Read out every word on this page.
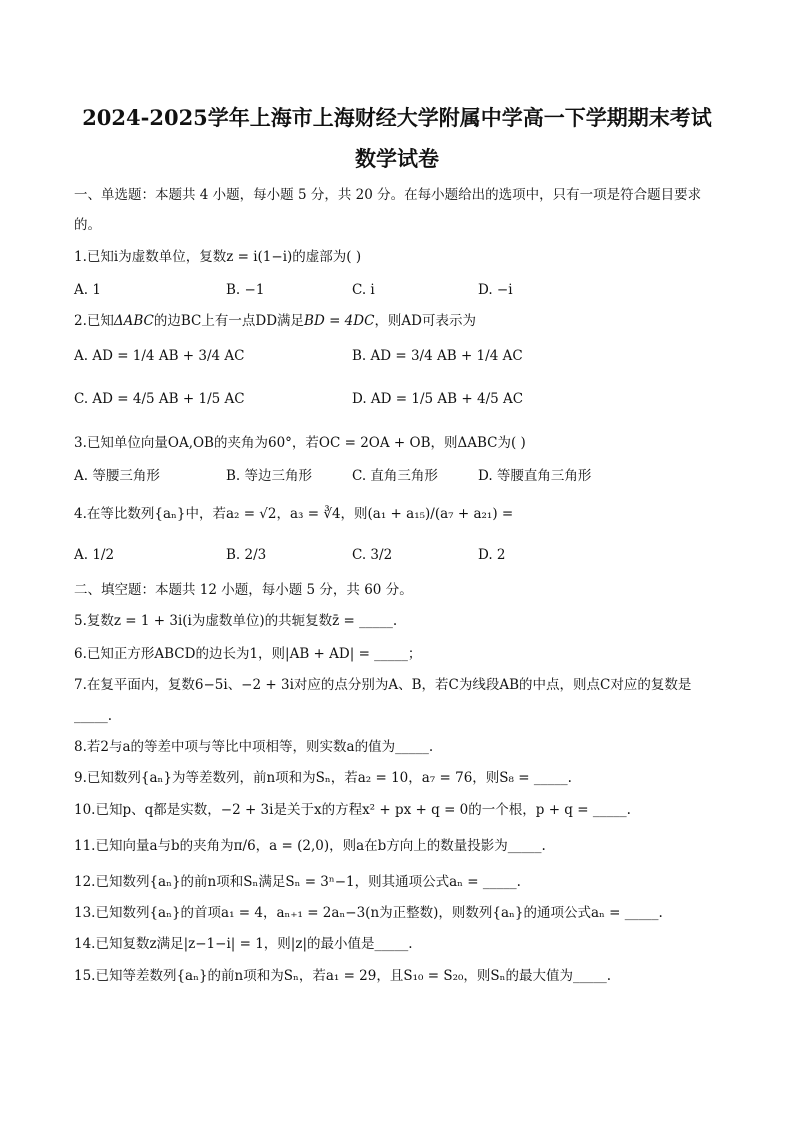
2024-2025学年上海市上海财经大学附属中学高一下学期期末考试
数学试卷
一、单选题：本题共 4 小题，每小题 5 分，共 20 分。在每小题给出的选项中，只有一项是符合题目要求
的。
1.已知i为虚数单位，复数z = i(1−i)的虚部为( )
A. 1	B. −1	C. i	D. −i
2.已知ΔABC的边BC上有一点DD满足BD = 4DC，则AD可表示为
A. AD = 1/4 AB + 3/4 AC	B. AD = 3/4 AB + 1/4 AC
C. AD = 4/5 AB + 1/5 AC	D. AD = 1/5 AB + 4/5 AC
3.已知单位向量OA,OB的夹角为60°，若OC = 2OA + OB，则ΔABC为( )
A. 等腰三角形	B. 等边三角形	C. 直角三角形	D. 等腰直角三角形
4.在等比数列{aₙ}中，若a₂ = √2，a₃ = ∛4，则(a₁ + a₁₅)/(a₇ + a₂₁) =
A. 1/2	B. 2/3	C. 3/2	D. 2
二、填空题：本题共 12 小题，每小题 5 分，共 60 分。
5.复数z = 1 + 3i(i为虚数单位)的共轭复数z̄ = _____.
6.已知正方形ABCD的边长为1，则|AB + AD| = _____；
7.在复平面内，复数6−5i、−2 + 3i对应的点分别为A、B，若C为线段AB的中点，则点C对应的复数是
_____.
8.若2与a的等差中项与等比中项相等，则实数a的值为_____.
9.已知数列{aₙ}为等差数列，前n项和为Sₙ，若a₂ = 10，a₇ = 76，则S₈ = _____.
10.已知p、q都是实数，−2 + 3i是关于x的方程x² + px + q = 0的一个根，p + q = _____.
11.已知向量a与b的夹角为π/6，a = (2,0)，则a在b方向上的数量投影为_____.
12.已知数列{aₙ}的前n项和Sₙ满足Sₙ = 3ⁿ−1，则其通项公式aₙ = _____.
13.已知数列{aₙ}的首项a₁ = 4，aₙ₊₁ = 2aₙ−3(n为正整数)，则数列{aₙ}的通项公式aₙ = _____.
14.已知复数z满足|z−1−i| = 1，则|z|的最小值是_____.
15.已知等差数列{aₙ}的前n项和为Sₙ，若a₁ = 29，且S₁₀ = S₂₀，则Sₙ的最大值为_____.
